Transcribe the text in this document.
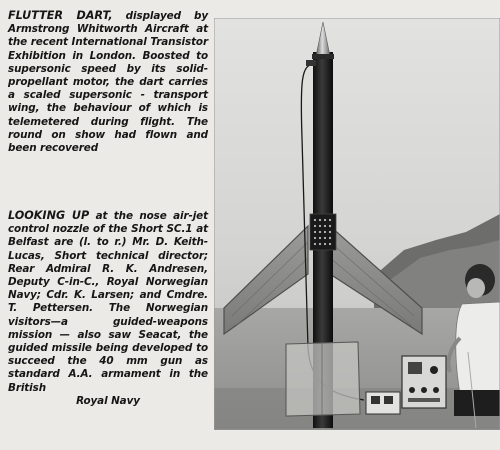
FLUTTER DART, displayed by Armstrong Whitworth Aircraft at the recent International Transistor Exhibition in London. Boosted to supersonic speed by its solid-propellant motor, the dart carries a scaled supersonic - transport wing, the behaviour of which is telemetered during flight. The round on show had flown and been recovered
LOOKING UP at the nose air-jet control nozzle of the Short SC.1 at Belfast are (l. to r.) Mr. D. Keith-Lucas, Short technical director; Rear Admiral R. K. Andresen, Deputy C-in-C., Royal Norwegian Navy; Cdr. K. Larsen; and Cmdre. T. Pettersen. The Norwegian visitors—a guided-weapons mission — also saw Seacat, the guided missile being developed to succeed the 40 mm gun as standard A.A. armament in the British
Royal Navy
